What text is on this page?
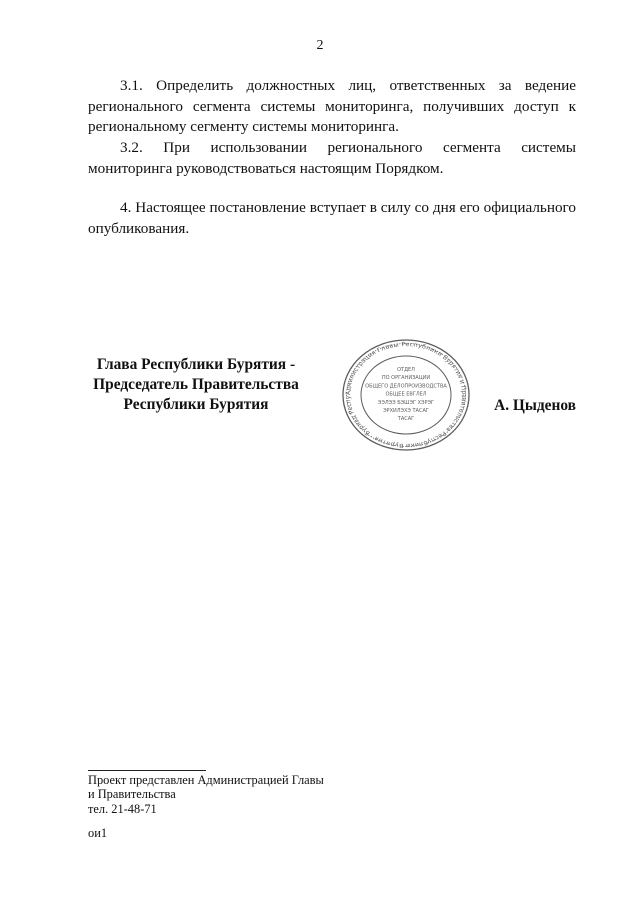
2

3.1. Определить должностных лиц, ответственных за ведение регионального сегмента системы мониторинга, получивших доступ к региональному сегменту системы мониторинга.

3.2. При использовании регионального сегмента системы мониторинга руководствоваться настоящим Порядком.

4. Настоящее постановление вступает в силу со дня его официального опубликования.

Глава Республики Бурятия -
Председатель Правительства
Республики Бурятия
Администрация Главы Республики Бурятия и Правительства Республики Бурятия · Буряад Респу
ОТДЕЛ
ПО ОРГАНИЗАЦИИ
ОБЩЕГО ДЕЛОПРОИЗВОДСТВА
ОБЩЕЕ ЕВГЛЕЛ
ЭЭЛЭЭ БЭШЭГ ХЭРЭГ
ЭРХИЛЭХЭ ТАСАГ
ТАСАГ
А. Цыденов
Проект представлен Администрацией Главы
и Правительства
тел. 21-48-71
ои1
